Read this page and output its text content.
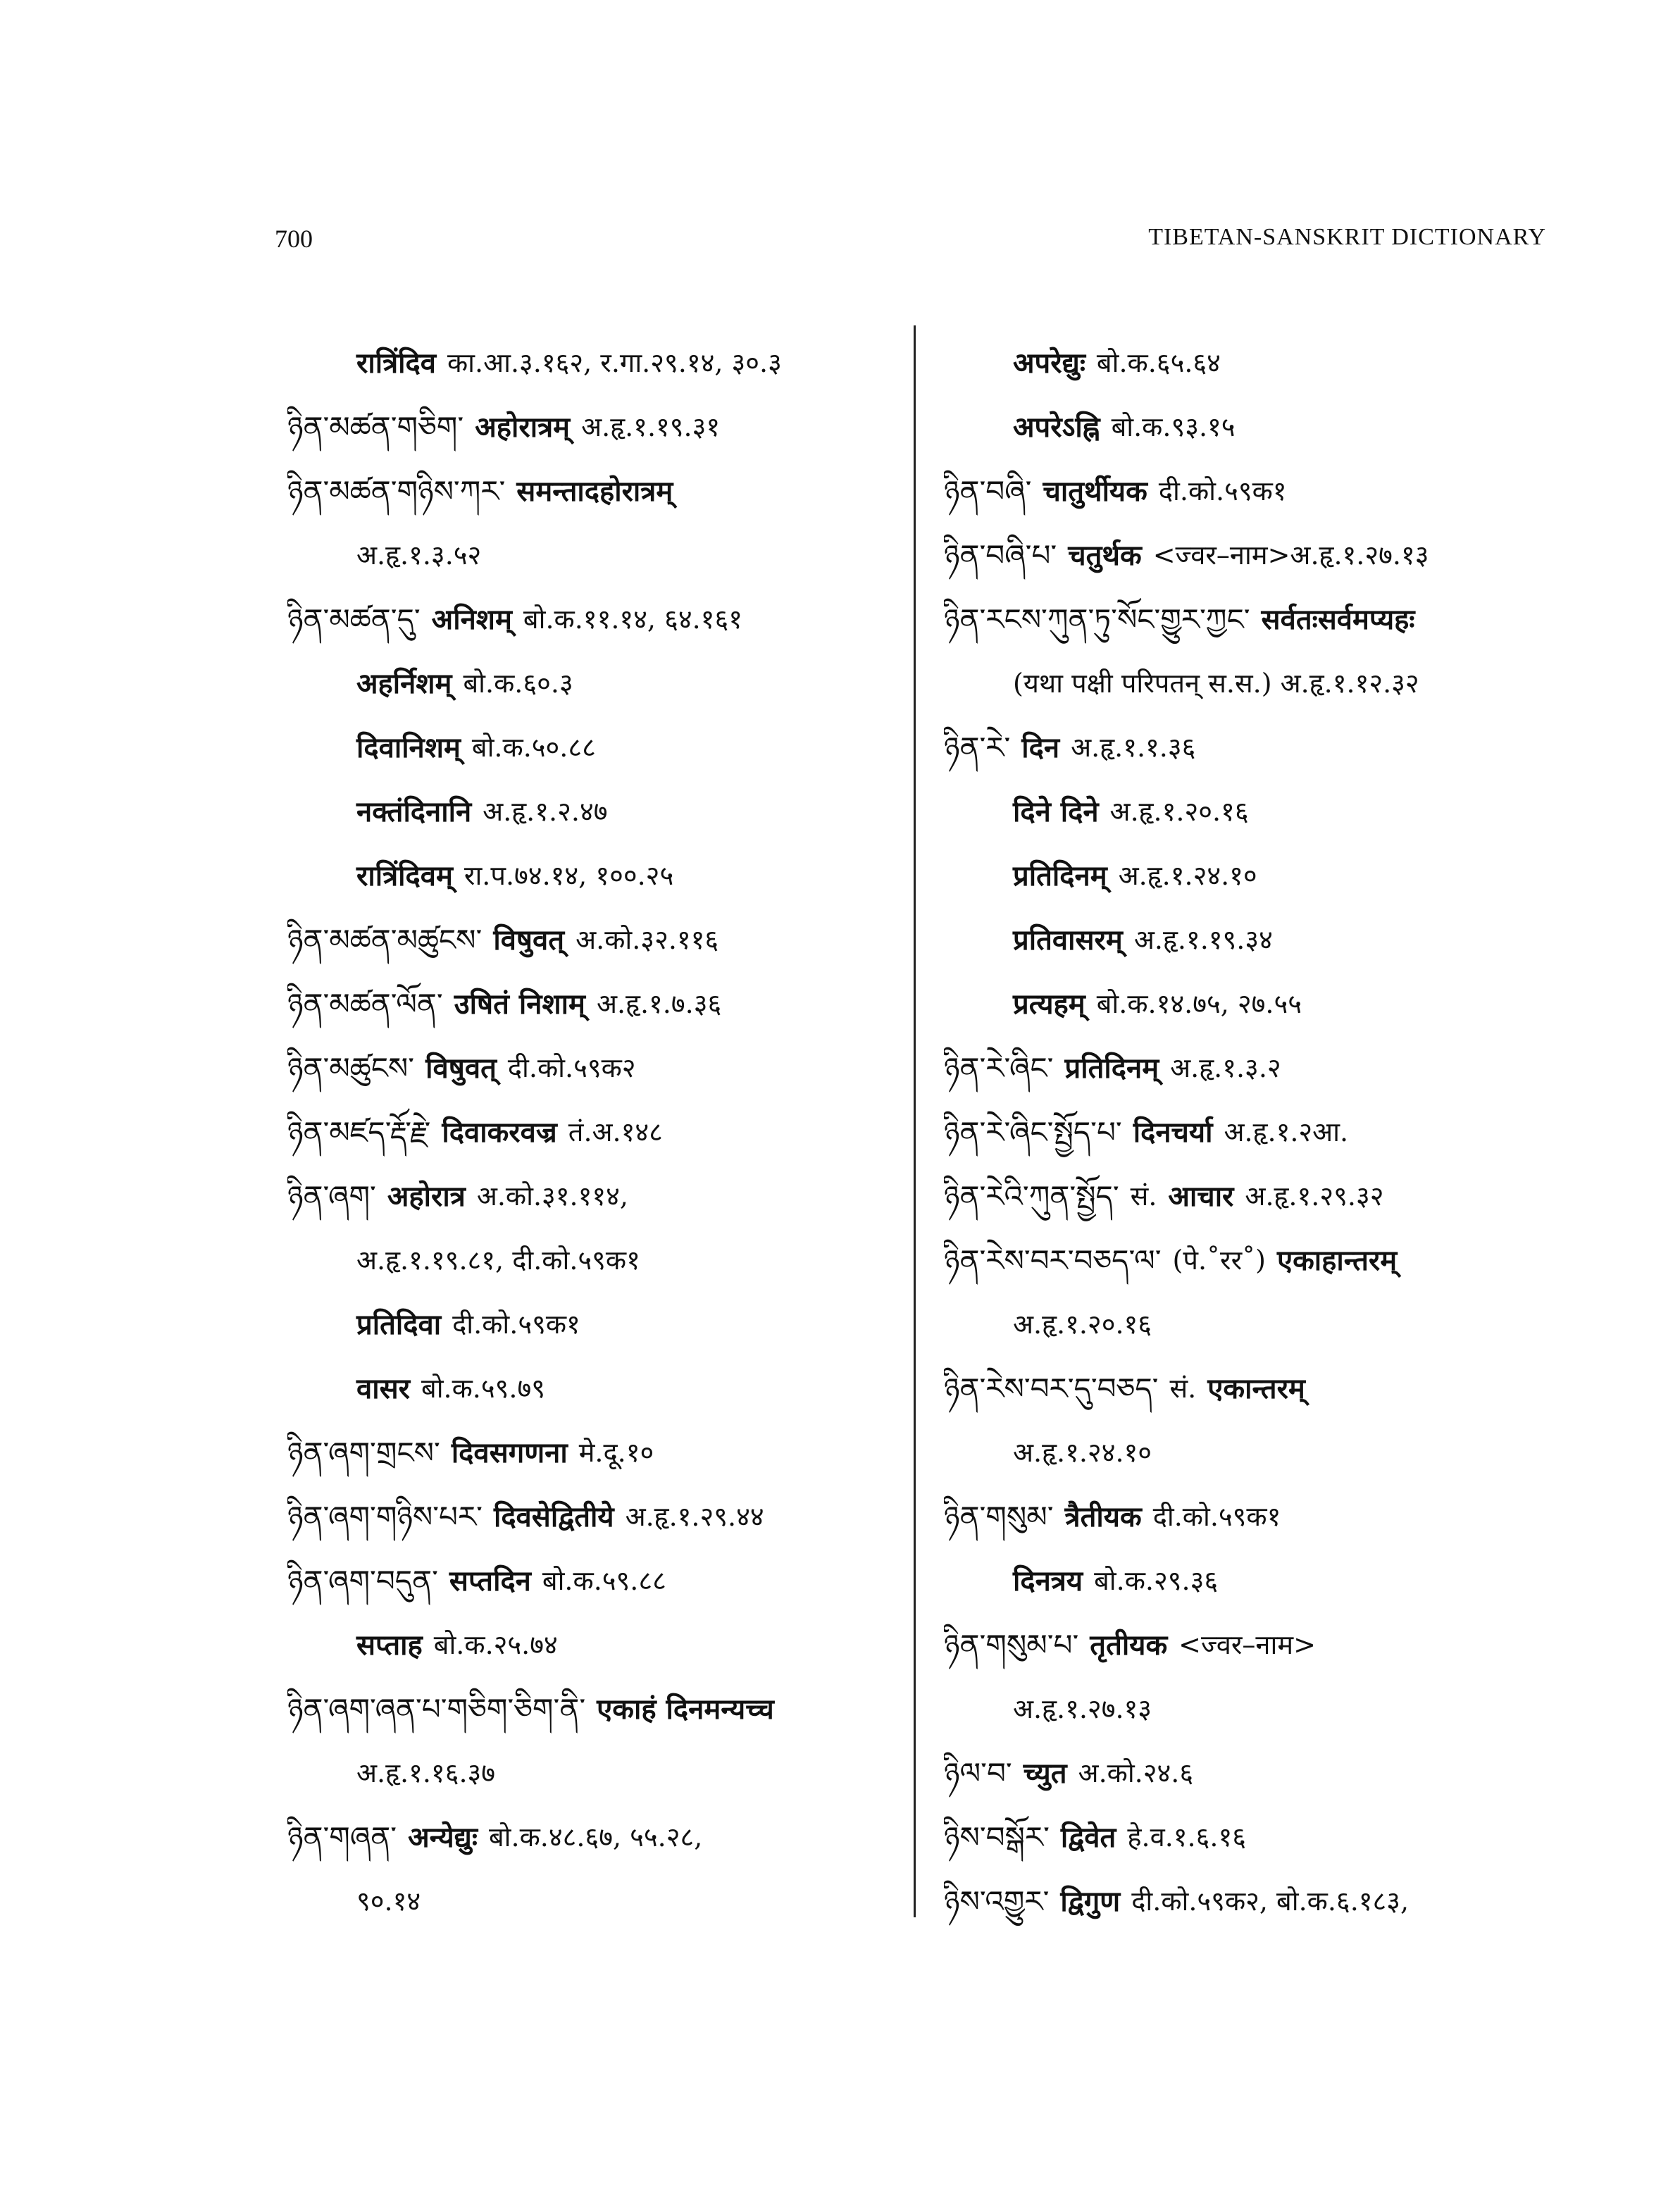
700	TIBETAN-SANSKRIT DICTIONARY
रात्रिंदिव का.आ.३.१६२, र.गा.२९.१४, ३०.३
ཉིན་མཚན་གཅིག་ अहोरात्रम् अ.हृ.१.१९.३१
ཉིན་མཚན་གཉིས་ཀར་ समन्तादहोरात्रम्
अ.हृ.१.३.५२
ཉིན་མཚན་དུ་ अनिशम् बो.क.११.१४, ६४.१६१
अहर्निशम् बो.क.६०.३
दिवानिशम् बो.क.५०.८८
नक्तंदिनानि अ.हृ.१.२.४७
रात्रिंदिवम् रा.प.७४.१४, १००.२५
ཉིན་མཚན་མཚུངས་ विषुवत् अ.को.३२.११६
ཉིན་མཚན་ལོན་ उषितं निशाम् अ.हृ.१.७.३६
ཉིན་མཚུངས་ विषुवत् दी.को.५९क२
ཉིན་མཛད་རྡོ་རྗེ་ दिवाकरवज्र तं.अ.१४८
ཉིན་ཞག་ अहोरात्र अ.को.३१.११४,
अ.हृ.१.१९.८१, दी.को.५९क१
प्रतिदिवा दी.को.५९क१
वासर बो.क.५९.७९
ཉིན་ཞག་གྲངས་ दिवसगणना मे.दू.१०
ཉིན་ཞག་གཉིས་པར་ दिवसेद्वितीये अ.हृ.१.२९.४४
ཉིན་ཞག་བདུན་ सप्तदिन बो.क.५९.८८
सप्ताह बो.क.२५.७४
ཉིན་ཞག་ཞན་པ་གཅིག་ཅིག་ནི་ एकाहं दिनमन्यच्च
अ.हृ.१.१६.३७
ཉིན་གཞན་ अन्येद्युः बो.क.४८.६७, ५५.२८,
९०.१४
अपरेद्युः बो.क.६५.६४
अपरेऽह्नि बो.क.९३.१५
ཉིན་བཞི་ चातुर्थीयक दी.को.५९क१
ཉིན་བཞི་པ་ चतुर्थक <ज्वर–नाम>अ.हृ.१.२७.१३
ཉིན་རངས་ཀུན་ཏུ་སོང་གྱུར་ཀྱང་ सर्वतःसर्वमप्यहः
(यथा पक्षी परिपतन् स.स.) अ.हृ.१.१२.३२
ཉིན་རེ་ दिन अ.हृ.१.१.३६
दिने दिने अ.हृ.१.२०.१६
प्रतिदिनम् अ.हृ.१.२४.१०
प्रतिवासरम् अ.हृ.१.१९.३४
प्रत्यहम् बो.क.१४.७५, २७.५५
ཉིན་རེ་ཞིང་ प्रतिदिनम् अ.हृ.१.३.२
ཉིན་རེ་ཞིང་སྤྱོད་པ་ दिनचर्या अ.हृ.१.२आ.
ཉིན་རེའི་ཀུན་སྤྱོད་ सं. आचार अ.हृ.१.२९.३२
ཉིན་རེས་བར་བཅད་ལ་ (पे.˚रर˚) एकाहान्तरम्
अ.हृ.१.२०.१६
ཉིན་རེས་བར་དུ་བཅད་ सं. एकान्तरम्
अ.हृ.१.२४.१०
ཉིན་གསུམ་ त्रैतीयक दी.को.५९क१
दिनत्रय बो.क.२९.३६
ཉིན་གསུམ་པ་ तृतीयक <ज्वर–नाम>
अ.हृ.१.२७.१३
ཉིལ་བ་ च्युत अ.को.२४.६
ཉིས་བསྒོར་ द्विवेत हे.व.१.६.१६
ཉིས་འགྱུར་ द्विगुण दी.को.५९क२, बो.क.६.१८३,
